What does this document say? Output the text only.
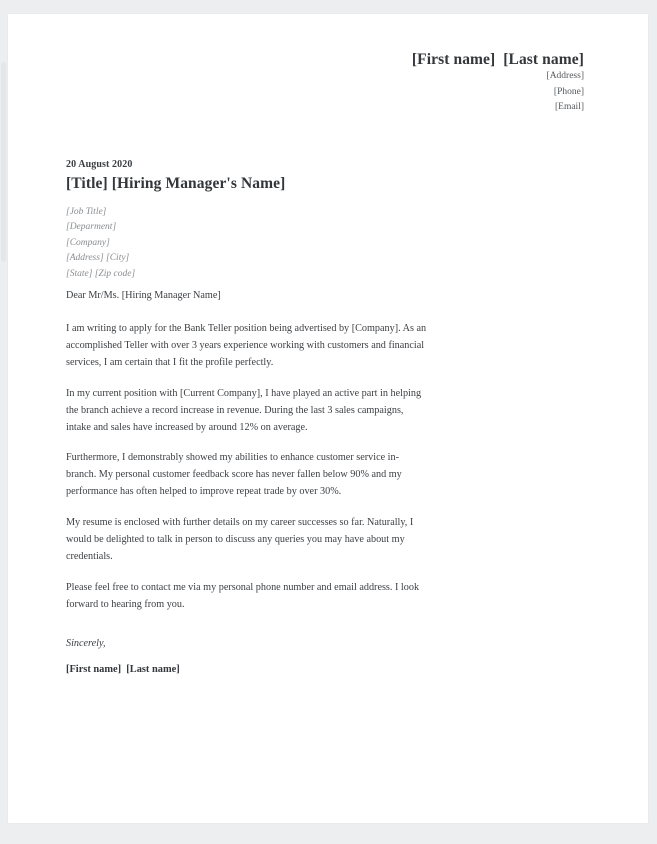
[First name]  [Last name]
[Address]
[Phone]
[Email]
20 August 2020
[Title] [Hiring Manager's Name]
[Job Title]
[Deparment]
[Company]
[Address] [City]
[State] [Zip code]

Dear Mr/Ms. [Hiring Manager Name]

I am writing to apply for the Bank Teller position being advertised by [Company]. As an accomplished Teller with over 3 years experience working with customers and financial services, I am certain that I fit the profile perfectly.

In my current position with [Current Company], I have played an active part in helping the branch achieve a record increase in revenue. During the last 3 sales campaigns, intake and sales have increased by around 12% on average.

Furthermore, I demonstrably showed my abilities to enhance customer service in-branch. My personal customer feedback score has never fallen below 90% and my performance has often helped to improve repeat trade by over 30%.

My resume is enclosed with further details on my career successes so far. Naturally, I would be delighted to talk in person to discuss any queries you may have about my credentials.

Please feel free to contact me via my personal phone number and email address. I look forward to hearing from you.

Sincerely,

[First name]  [Last name]
